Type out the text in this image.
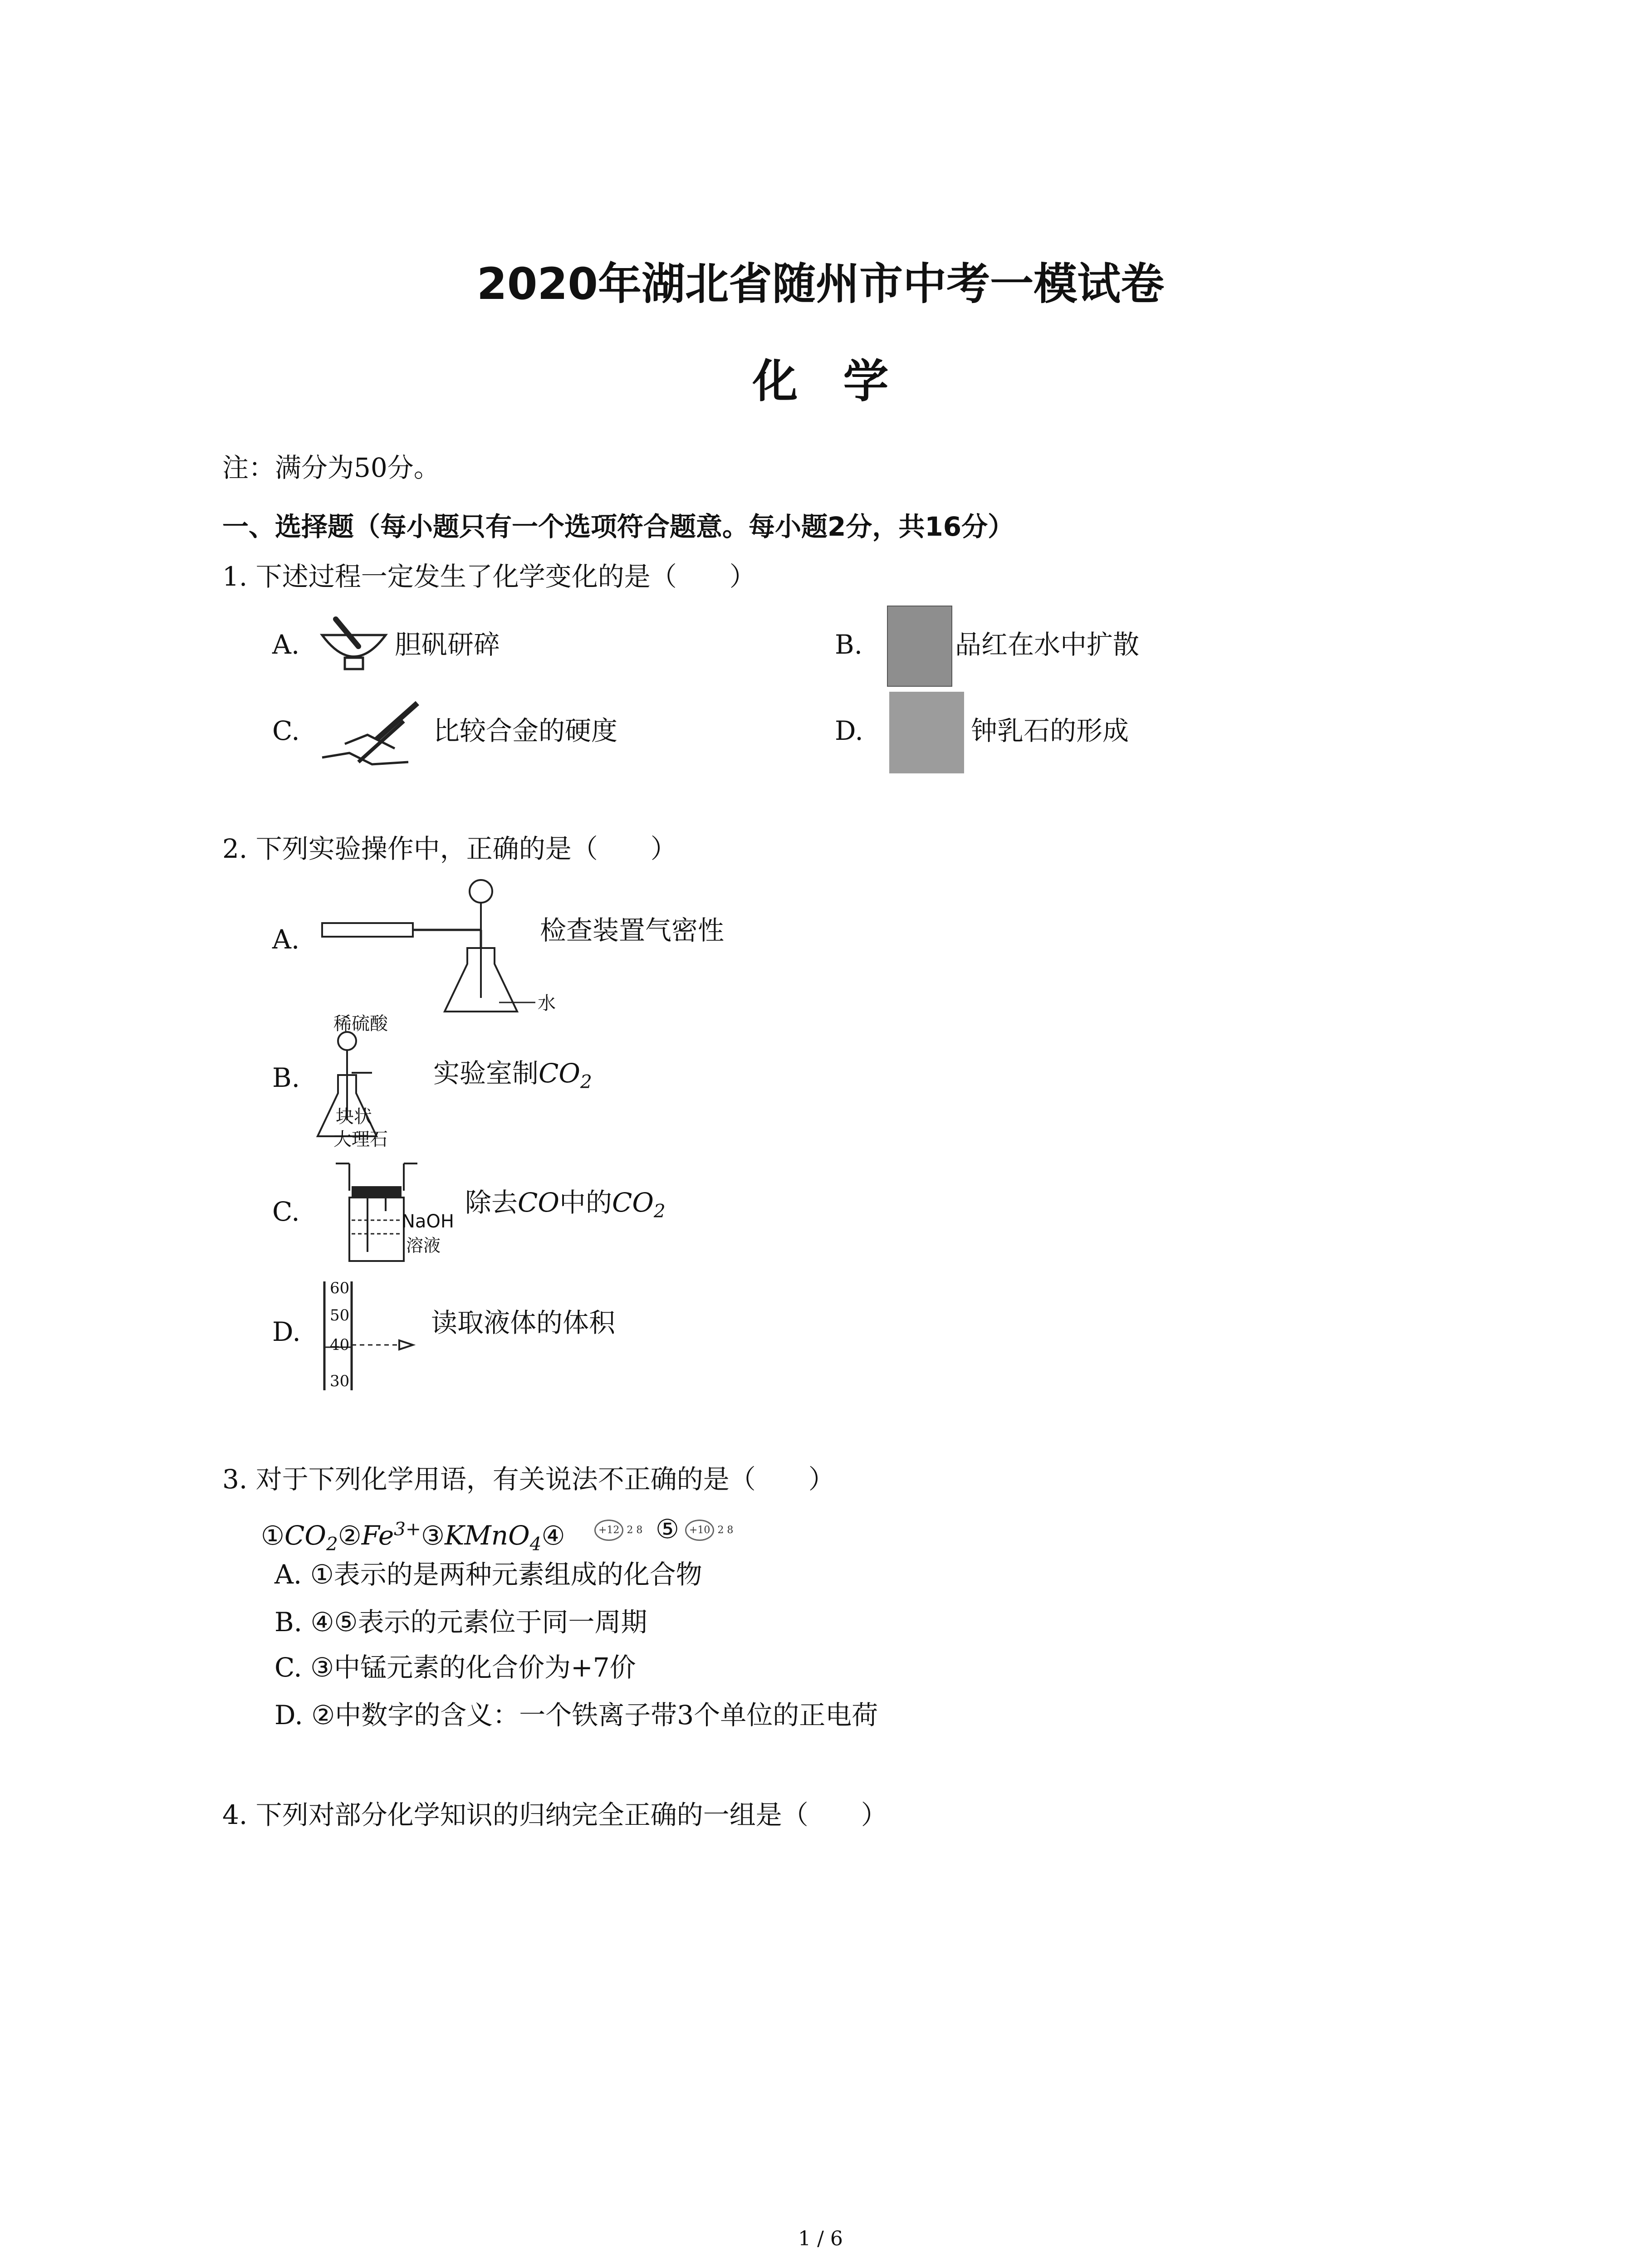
2020年湖北省随州市中考一模试卷
化　学
注：满分为50分。
一、选择题（每小题只有一个选项符合题意。每小题2分，共16分）
1. 下述过程一定发生了化学变化的是（　　）
A.	胆矾研碎	B.	品红在水中扩散
C.	比较合金的硬度	D.	钟乳石的形成
2. 下列实验操作中，正确的是（　　）
A.
水
检查装置气密性
稀硫酸
B.
块状
大理石
实验室制$CO_2$
C.	NaOH
溶液
除去CO中的$CO_2$
D.
60
50
40
30
读取液体的体积
3. 对于下列化学用语，有关说法不正确的是（　　）
$①CO_2②Fe^{3+}③KMnO_4④$	+12 2 8 ⑤	+10 2 8
A. ①表示的是两种元素组成的化合物
B. ④⑤表示的元素位于同一周期
C. ③中锰元素的化合价为+7价
D. ②中数字的含义：一个铁离子带3个单位的正电荷
4. 下列对部分化学知识的归纳完全正确的一组是（　　）
1 / 6
